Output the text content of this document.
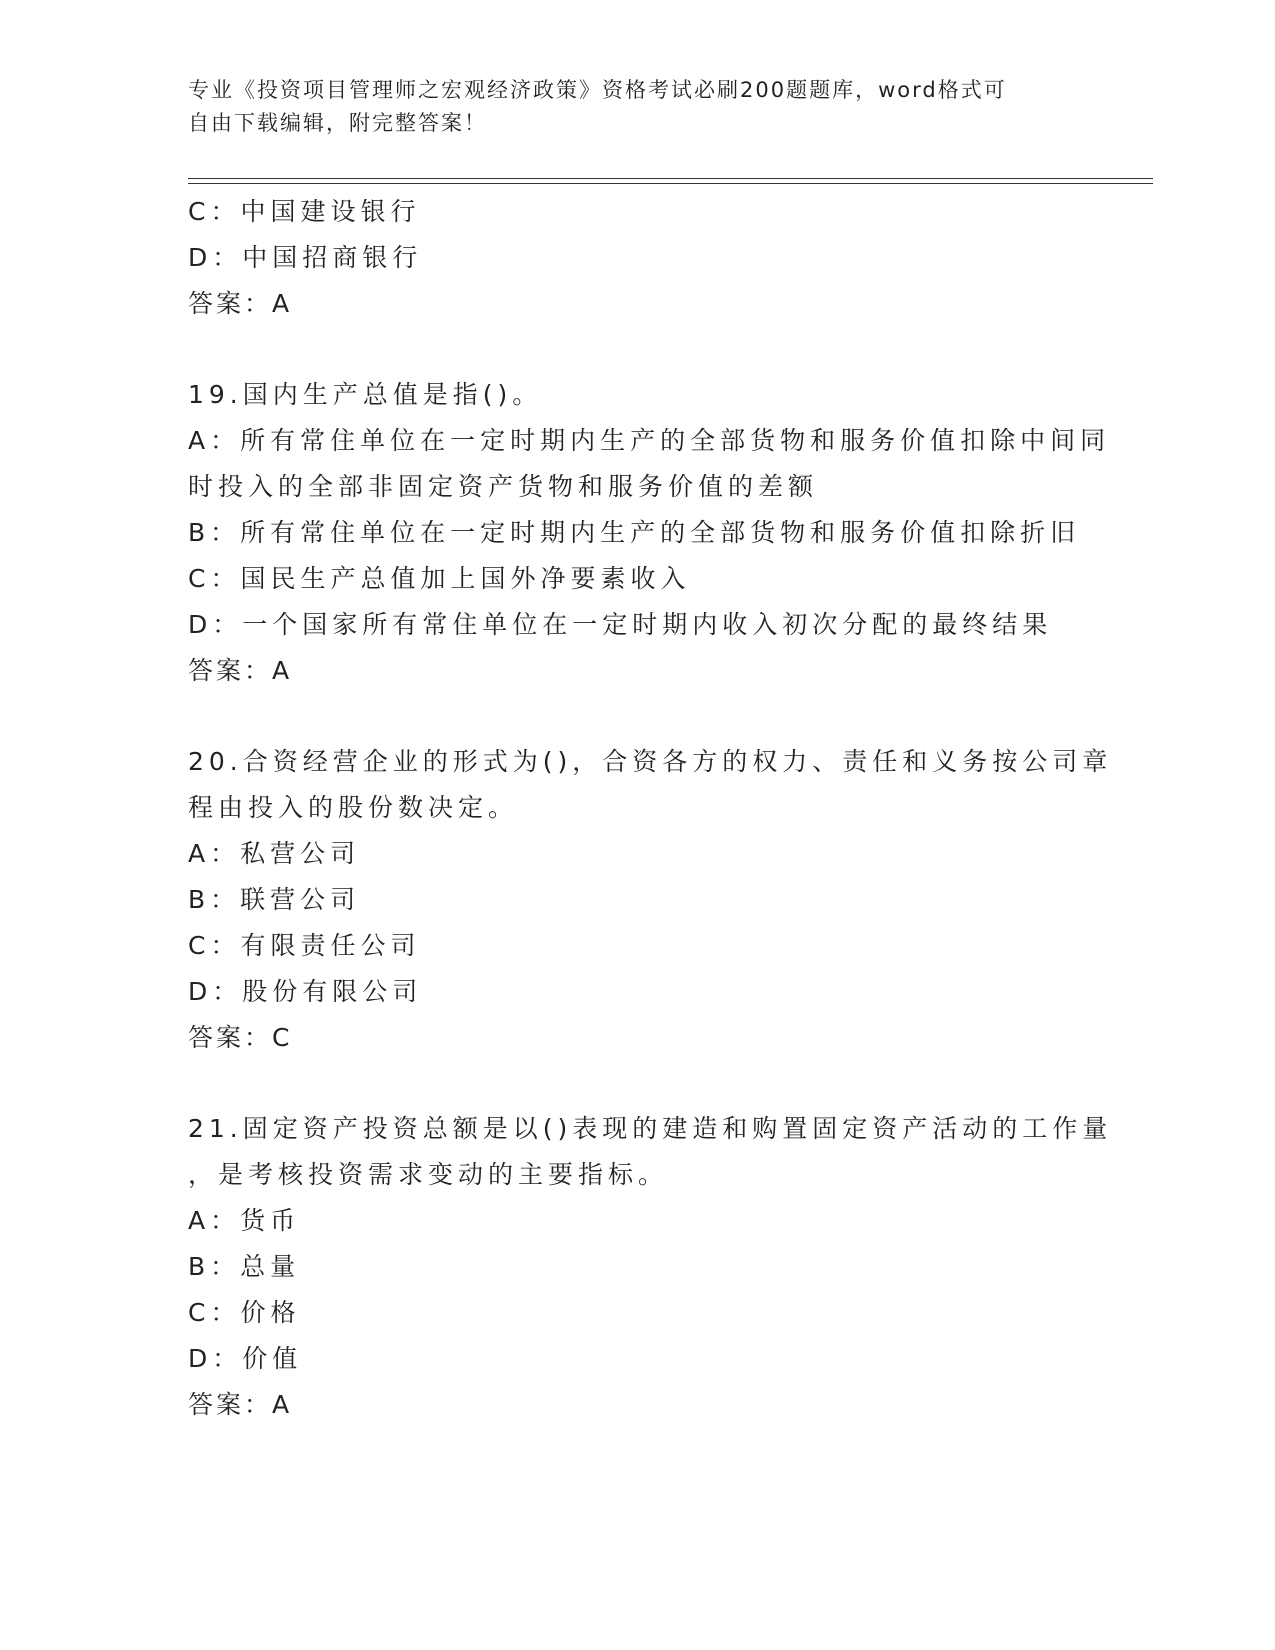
专业《投资项目管理师之宏观经济政策》资格考试必刷200题题库，word格式可
自由下载编辑，附完整答案！
C：中国建设银行
D：中国招商银行
答案：A
19.国内生产总值是指()。
A：所有常住单位在一定时期内生产的全部货物和服务价值扣除中间同
时投入的全部非固定资产货物和服务价值的差额
B：所有常住单位在一定时期内生产的全部货物和服务价值扣除折旧
C：国民生产总值加上国外净要素收入
D：一个国家所有常住单位在一定时期内收入初次分配的最终结果
答案：A
20.合资经营企业的形式为()，合资各方的权力、责任和义务按公司章
程由投入的股份数决定。
A：私营公司
B：联营公司
C：有限责任公司
D：股份有限公司
答案：C
21.固定资产投资总额是以()表现的建造和购置固定资产活动的工作量
，是考核投资需求变动的主要指标。
A：货币
B：总量
C：价格
D：价值
答案：A
